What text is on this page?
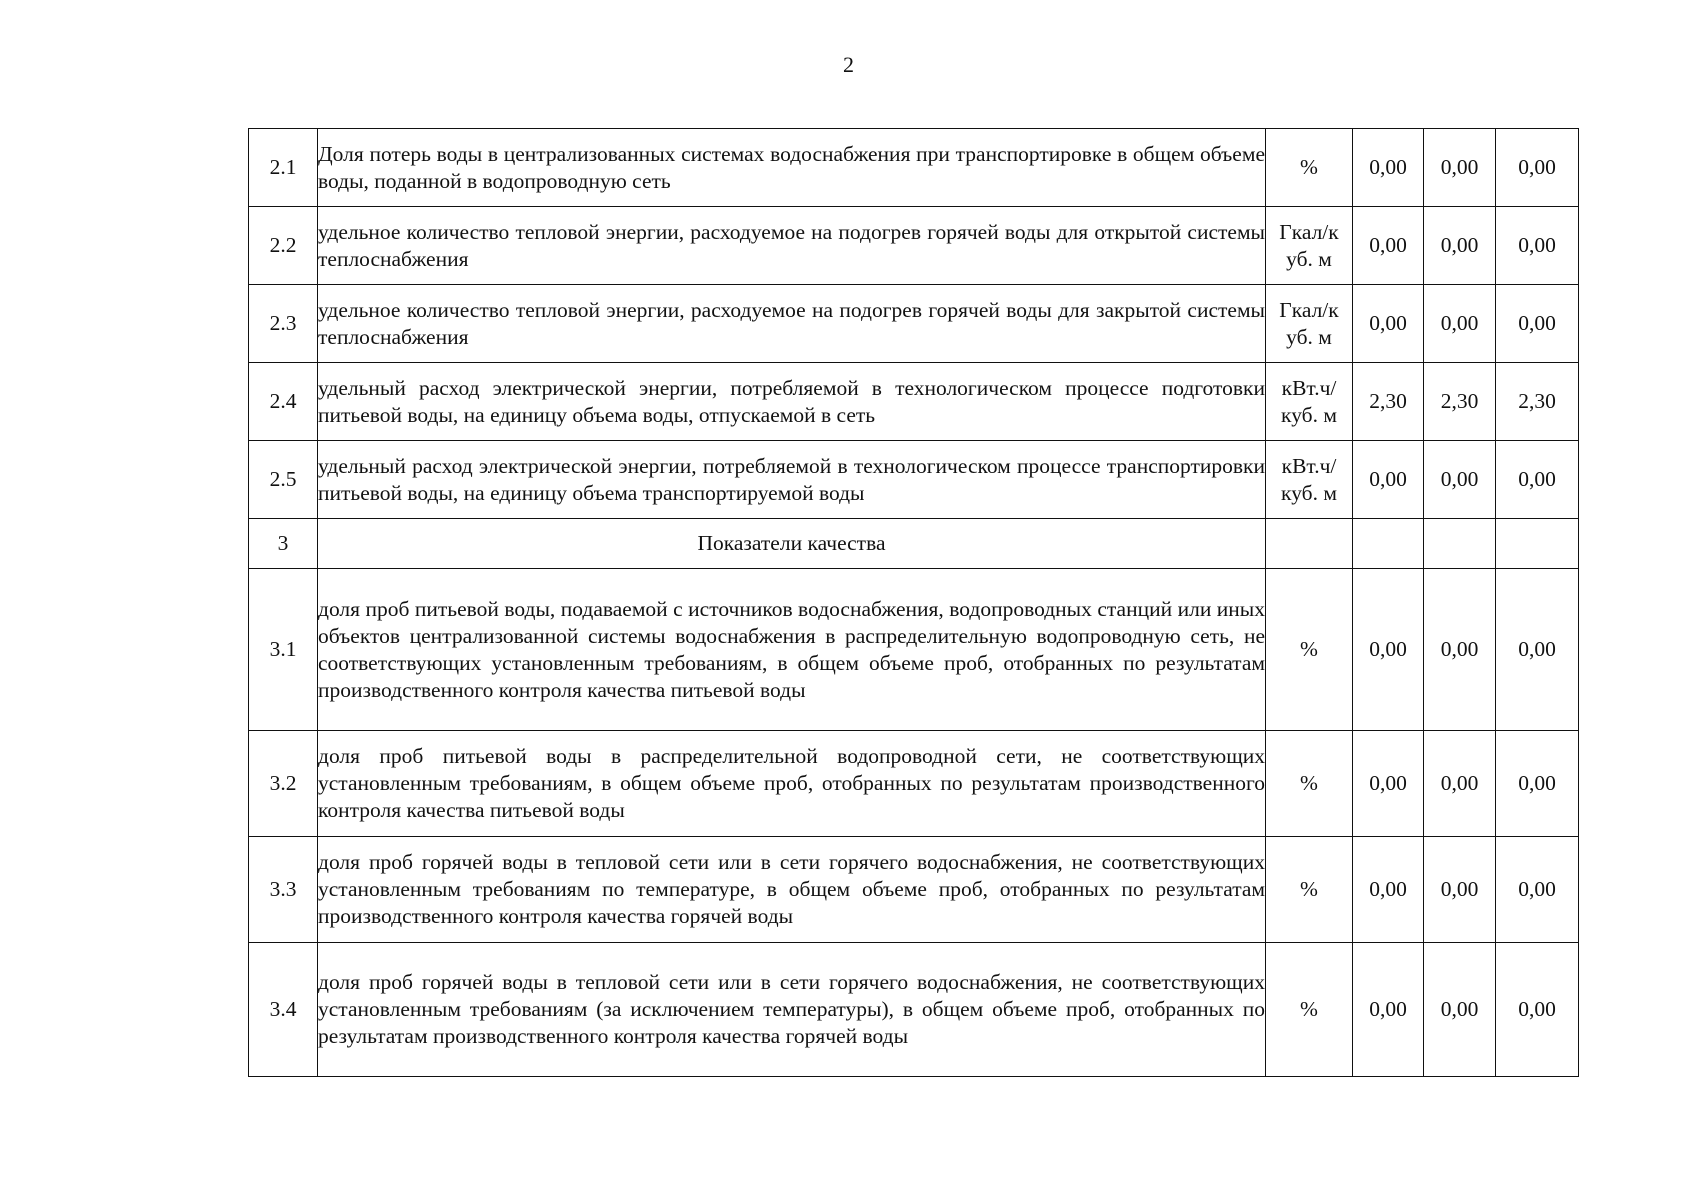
2
2.1	Доля потерь воды в централизованных системах водоснабжения при транспортировке в общем объеме воды, поданной в водопроводную сеть	%	0,00	0,00	0,00
2.2	удельное количество тепловой энергии, расходуемое на подогрев горячей воды для открытой системы теплоснабжения	Гкал/к уб. м	0,00	0,00	0,00
2.3	удельное количество тепловой энергии, расходуемое на подогрев горячей воды для закрытой системы теплоснабжения	Гкал/к уб. м	0,00	0,00	0,00
2.4	удельный расход электрической энергии, потребляемой в технологическом процессе подготовки питьевой воды, на единицу объема воды, отпускаемой в сеть	кВт.ч/ куб. м	2,30	2,30	2,30
2.5	удельный расход электрической энергии, потребляемой в технологическом процессе транспортировки питьевой воды, на единицу объема транспортируемой воды	кВт.ч/ куб. м	0,00	0,00	0,00
3	Показатели качества				
3.1	доля проб питьевой воды, подаваемой с источников водоснабжения, водопроводных станций или иных объектов централизованной системы водоснабжения в распределительную водопроводную сеть, не соответствующих установленным требованиям, в общем объеме проб, отобранных по результатам производственного контроля качества питьевой воды	%	0,00	0,00	0,00
3.2	доля проб питьевой воды в распределительной водопроводной сети, не соответствующих установленным требованиям, в общем объеме проб, отобранных по результатам производственного контроля качества питьевой воды	%	0,00	0,00	0,00
3.3	доля проб горячей воды в тепловой сети или в сети горячего водоснабжения, не соответствующих установленным требованиям по температуре, в общем объеме проб, отобранных по результатам производственного контроля качества горячей воды	%	0,00	0,00	0,00
3.4	доля проб горячей воды в тепловой сети или в сети горячего водоснабжения, не соответствующих установленным требованиям (за исключением температуры), в общем объеме проб, отобранных по результатам производственного контроля качества горячей воды	%	0,00	0,00	0,00
